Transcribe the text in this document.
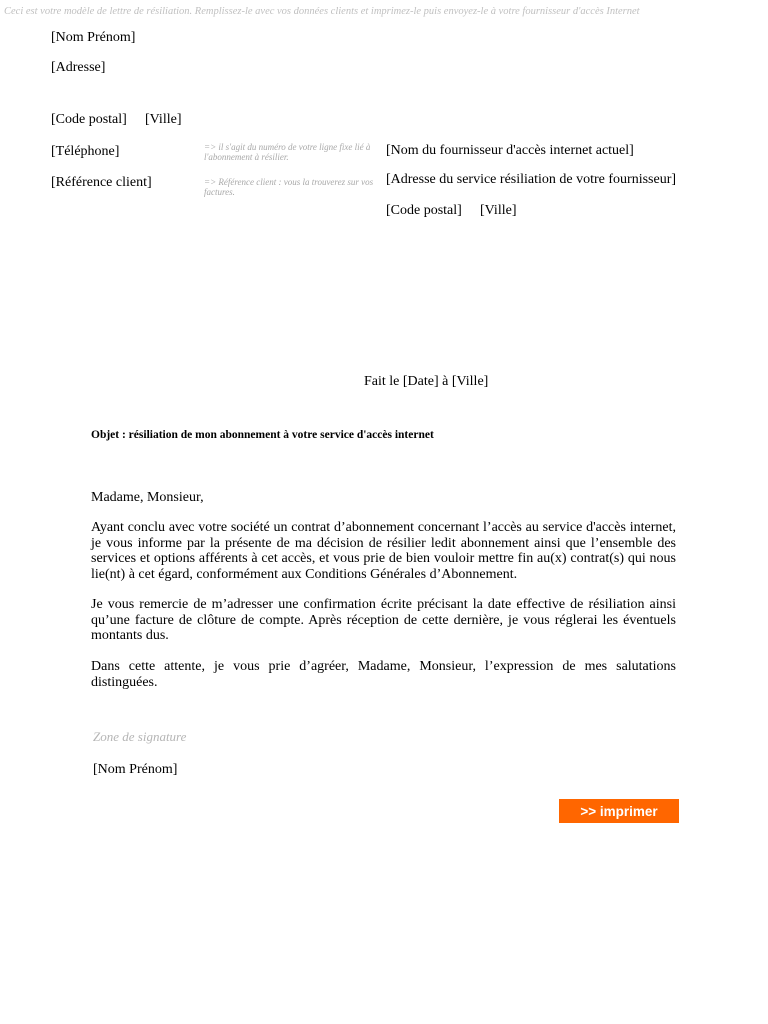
Ceci est votre modèle de lettre de résiliation. Remplissez-le avec vos données clients et imprimez-le puis envoyez-le à votre fournisseur d'accès Internet
[Nom Prénom]
[Adresse]
[Code postal] [Ville]
[Téléphone]
[Référence client]
=> il s'agit du numéro de votre ligne fixe lié à l'abonnement à résilier.
=> Référence client : vous la trouverez sur vos factures.
[Nom du fournisseur d'accès internet actuel]
[Adresse du service résiliation de votre fournisseur]
[Code postal] [Ville]
Fait le [Date] à [Ville]
Objet : résiliation de mon abonnement à votre service d'accès internet
Madame, Monsieur,

Ayant conclu avec votre société un contrat d’abonnement concernant l’accès au service d'accès internet, je vous informe par la présente de ma décision de résilier ledit abonnement ainsi que l’ensemble des services et options afférents à cet accès, et vous prie de bien vouloir mettre fin au(x) contrat(s) qui nous lie(nt) à cet égard, conformément aux Conditions Générales d’Abonnement.

Je vous remercie de m’adresser une confirmation écrite précisant la date effective de résiliation ainsi qu’une facture de clôture de compte. Après réception de cette dernière, je vous réglerai les éventuels montants dus.

Dans cette attente, je vous prie d’agréer, Madame, Monsieur, l’expression de mes salutations distinguées.

Zone de signature
[Nom Prénom]
>> imprimer
